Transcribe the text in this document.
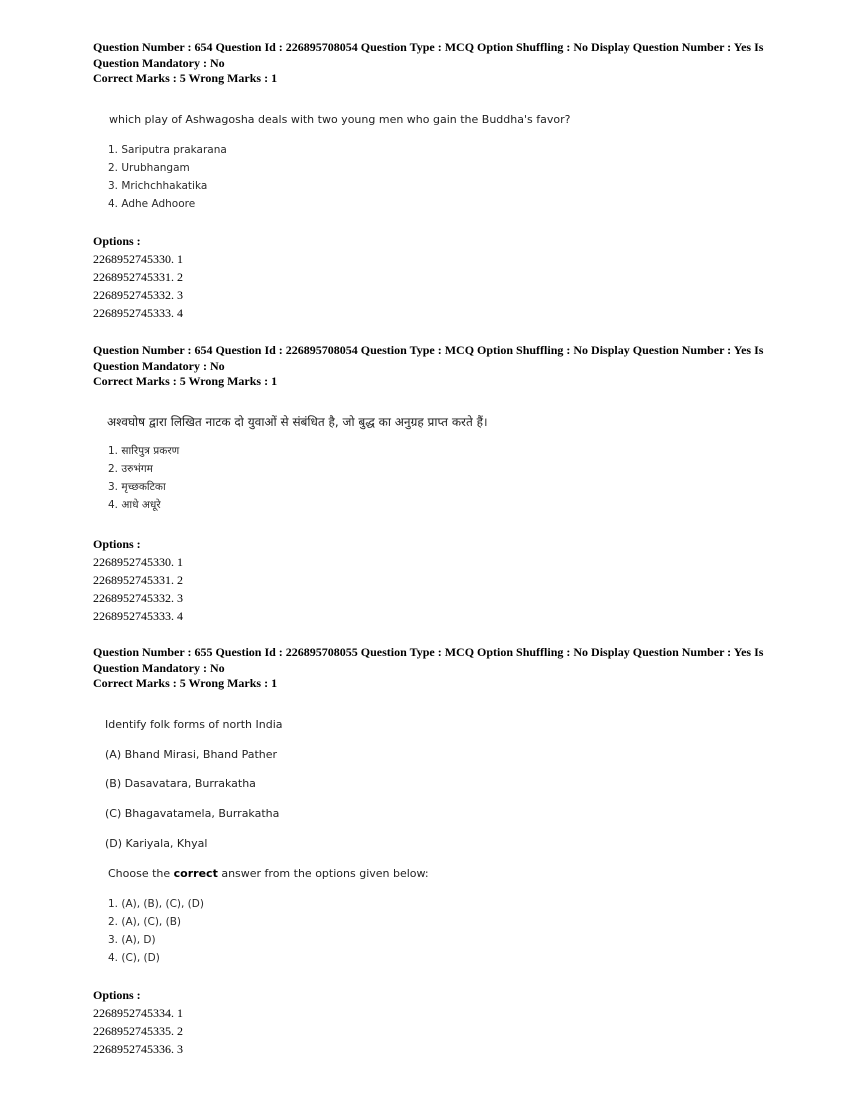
Question Number : 654 Question Id : 226895708054 Question Type : MCQ Option Shuffling : No Display Question Number : Yes Is
Question Mandatory : No
Correct Marks : 5 Wrong Marks : 1
which play of Ashwagosha deals with two young men who gain the Buddha's favor?
1. Sariputra prakarana
2. Urubhangam
3. Mrichchhakatika
4. Adhe Adhoore
Options :
2268952745330. 1
2268952745331. 2
2268952745332. 3
2268952745333. 4
Question Number : 654 Question Id : 226895708054 Question Type : MCQ Option Shuffling : No Display Question Number : Yes Is
Question Mandatory : No
Correct Marks : 5 Wrong Marks : 1
अश्वघोष द्वारा लिखित नाटक दो युवाओं से संबंधित है, जो बुद्ध का अनुग्रह प्राप्त करते हैं।
1. सारिपुत्र प्रकरण
2. उरुभंगम
3. मृच्छकटिका
4. आधे अधूरे
Options :
2268952745330. 1
2268952745331. 2
2268952745332. 3
2268952745333. 4
Question Number : 655 Question Id : 226895708055 Question Type : MCQ Option Shuffling : No Display Question Number : Yes Is
Question Mandatory : No
Correct Marks : 5 Wrong Marks : 1
Identify folk forms of north India
(A) Bhand Mirasi, Bhand Pather
(B) Dasavatara, Burrakatha
(C) Bhagavatamela, Burrakatha
(D) Kariyala, Khyal
Choose the correct answer from the options given below:
1. (A), (B), (C), (D)
2. (A), (C), (B)
3. (A), D)
4. (C), (D)
Options :
2268952745334. 1
2268952745335. 2
2268952745336. 3
